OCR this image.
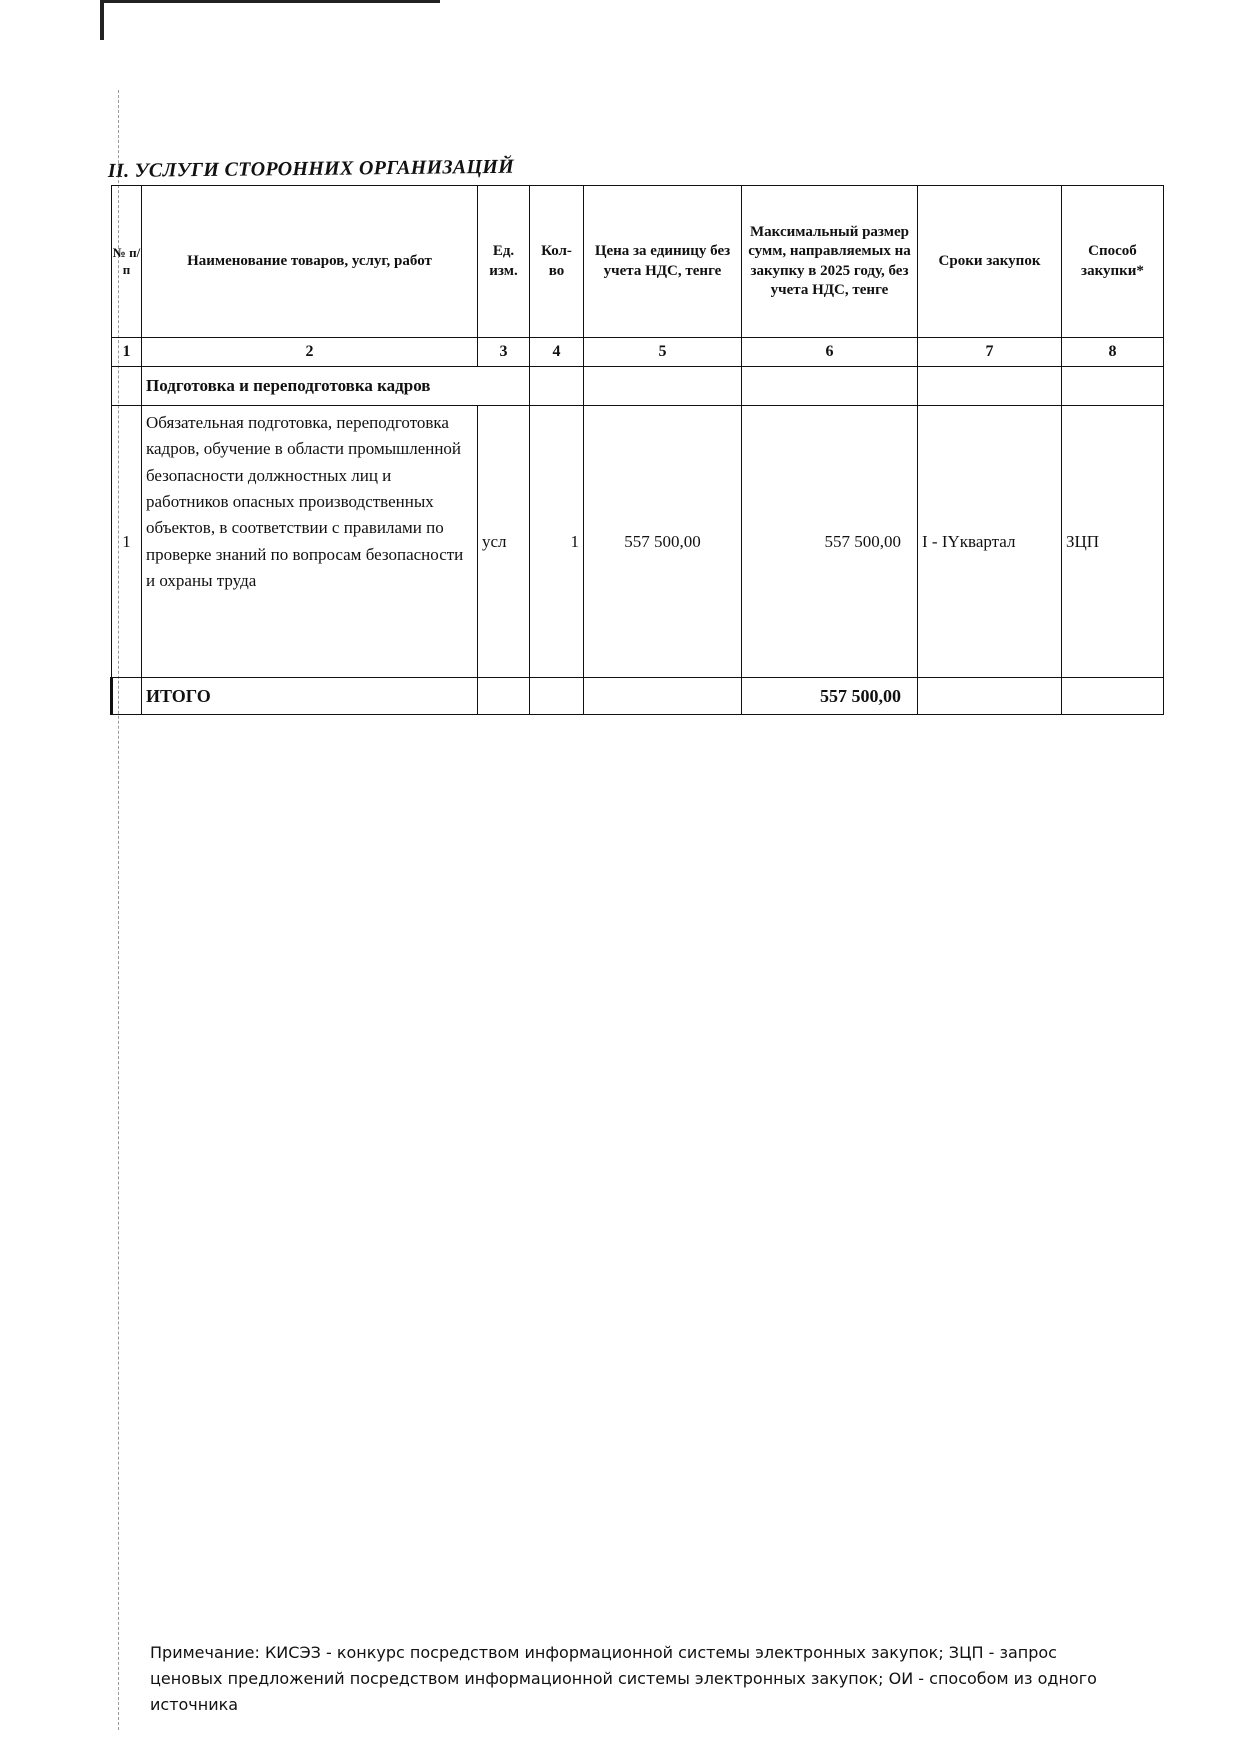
II. УСЛУГИ СТОРОННИХ ОРГАНИЗАЦИЙ
№ п/п	Наименование товаров, услуг, работ	Ед. изм.	Кол-во	Цена за единицу без учета НДС, тенге	Максимальный размер сумм, направляемых на закупку в 2025 году, без учета НДС, тенге	Сроки закупок	Способ закупки*
1	2	3	4	5	6	7	8
	Подготовка и переподготовка кадров						
1	Обязательная подготовка, переподготовка кадров, обучение в области промышленной безопасности должностных лиц и работников опасных производственных объектов, в соответствии с правилами по проверке знаний по вопросам безопасности и охраны труда	усл	1	557 500,00	557 500,00	I - IYквартал	ЗЦП
	ИТОГО				557 500,00		
Примечание: КИСЭЗ - конкурс посредством информационной системы электронных закупок; ЗЦП - запрос
ценовых предложений посредством информационной системы электронных закупок; ОИ - способом из одного
источника
